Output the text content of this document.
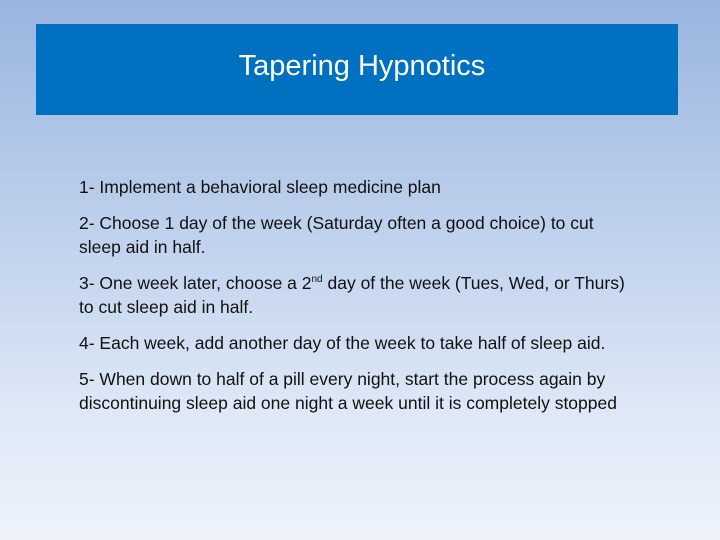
Tapering Hypnotics

1- Implement a behavioral sleep medicine plan

2- Choose 1 day of the week (Saturday often a good choice) to cut sleep aid in half.

3- One week later, choose a 2nd day of the week (Tues, Wed, or Thurs) to cut sleep aid in half.

4- Each week, add another day of the week to take half of sleep aid.

5- When down to half of a pill every night, start the process again by discontinuing sleep aid one night a week until it is completely stopped
